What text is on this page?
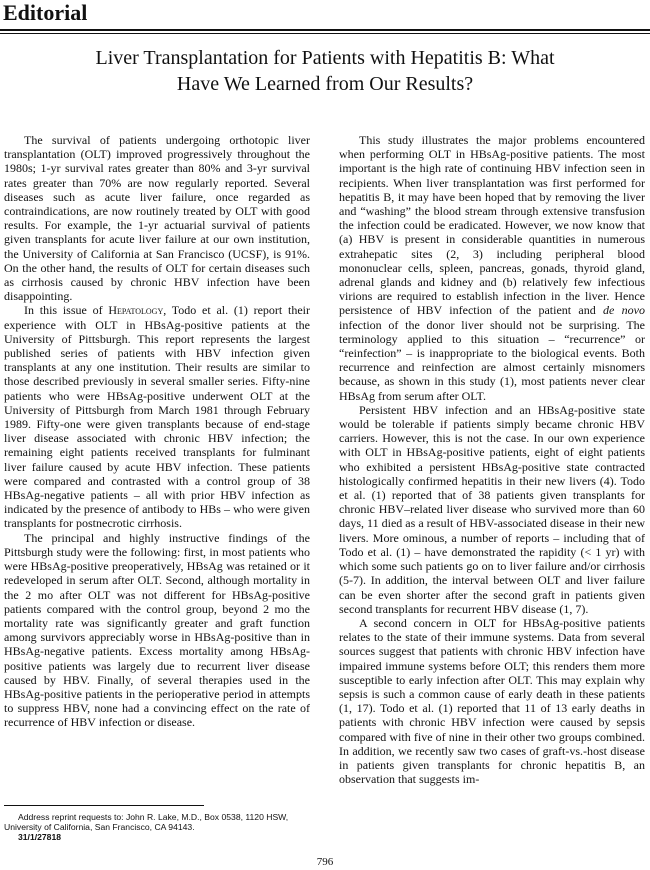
Editorial
Liver Transplantation for Patients with Hepatitis B: What
Have We Learned from Our Results?

The survival of patients undergoing orthotopic liver transplantation (OLT) improved progressively throughout the 1980s; 1-yr survival rates greater than 80% and 3-yr survival rates greater than 70% are now regularly reported. Several diseases such as acute liver failure, once regarded as contraindications, are now routinely treated by OLT with good results. For example, the 1-yr actuarial survival of patients given transplants for acute liver failure at our own institution, the University of California at San Francisco (UCSF), is 91%. On the other hand, the results of OLT for certain diseases such as cirrhosis caused by chronic HBV infection have been disappointing.

In this issue of Hepatology, Todo et al. (1) report their experience with OLT in HBsAg-positive patients at the University of Pittsburgh. This report represents the largest published series of patients with HBV infection given transplants at any one institution. Their results are similar to those described previously in several smaller series. Fifty-nine patients who were HBsAg-positive underwent OLT at the University of Pittsburgh from March 1981 through February 1989. Fifty-one were given transplants because of end-stage liver disease associated with chronic HBV infection; the remaining eight patients received transplants for fulminant liver failure caused by acute HBV infection. These patients were compared and contrasted with a control group of 38 HBsAg-negative patients – all with prior HBV infection as indicated by the presence of antibody to HBs – who were given transplants for postnecrotic cirrhosis.

The principal and highly instructive findings of the Pittsburgh study were the following: first, in most patients who were HBsAg-positive preoperatively, HBsAg was retained or it redeveloped in serum after OLT. Second, although mortality in the 2 mo after OLT was not different for HBsAg-positive patients compared with the control group, beyond 2 mo the mortality rate was significantly greater and graft function among survivors appreciably worse in HBsAg-positive than in HBsAg-negative patients. Excess mortality among HBsAg-positive patients was largely due to recurrent liver disease caused by HBV. Finally, of several therapies used in the HBsAg-positive patients in the perioperative period in attempts to suppress HBV, none had a convincing effect on the rate of recurrence of HBV infection or disease.

This study illustrates the major problems encountered when performing OLT in HBsAg-positive patients. The most important is the high rate of continuing HBV infection seen in recipients. When liver transplantation was first performed for hepatitis B, it may have been hoped that by removing the liver and “washing” the blood stream through extensive transfusion the infection could be eradicated. However, we now know that (a) HBV is present in considerable quantities in numerous extrahepatic sites (2, 3) including peripheral blood mononuclear cells, spleen, pancreas, gonads, thyroid gland, adrenal glands and kidney and (b) relatively few infectious virions are required to establish infection in the liver. Hence persistence of HBV infection of the patient and de novo infection of the donor liver should not be surprising. The terminology applied to this situation – “recurrence” or “reinfection” – is inappropriate to the biological events. Both recurrence and reinfection are almost certainly misnomers because, as shown in this study (1), most patients never clear HBsAg from serum after OLT.

Persistent HBV infection and an HBsAg-positive state would be tolerable if patients simply became chronic HBV carriers. However, this is not the case. In our own experience with OLT in HBsAg-positive patients, eight of eight patients who exhibited a persistent HBsAg-positive state contracted histologically confirmed hepatitis in their new livers (4). Todo et al. (1) reported that of 38 patients given transplants for chronic HBV–related liver disease who survived more than 60 days, 11 died as a result of HBV-associated disease in their new livers. More ominous, a number of reports – including that of Todo et al. (1) – have demonstrated the rapidity (< 1 yr) with which some such patients go on to liver failure and/or cirrhosis (5-7). In addition, the interval between OLT and liver failure can be even shorter after the second graft in patients given second transplants for recurrent HBV disease (1, 7).

A second concern in OLT for HBsAg-positive patients relates to the state of their immune systems. Data from several sources suggest that patients with chronic HBV infection have impaired immune systems before OLT; this renders them more susceptible to early infection after OLT. This may explain why sepsis is such a common cause of early death in these patients (1, 17). Todo et al. (1) reported that 11 of 13 early deaths in patients with chronic HBV infection were caused by sepsis compared with five of nine in their other two groups combined. In addition, we recently saw two cases of graft-vs.-host disease in patients given transplants for chronic hepatitis B, an observation that suggests im-

Address reprint requests to: John R. Lake, M.D., Box 0538, 1120 HSW, University of California, San Francisco, CA 94143.

31/1/27818

796
